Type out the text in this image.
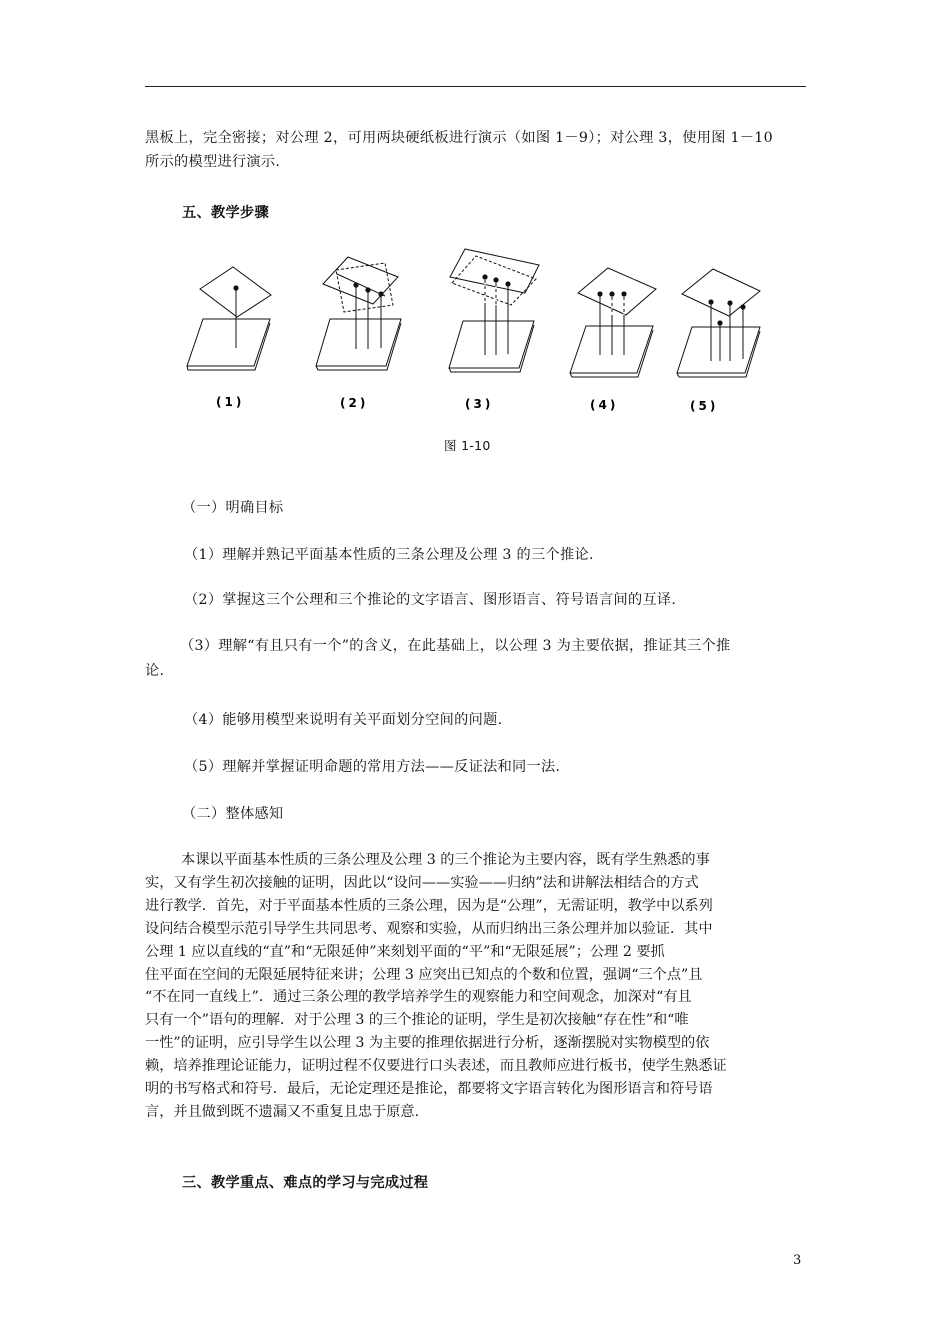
黑板上，完全密接；对公理 2，可用两块硬纸板进行演示（如图 1－9）；对公理 3，使用图 1－10
所示的模型进行演示.
五、教学步骤
(1)	(2)	(3)	(4)	(5)
图 1-10
（一）明确目标
（1）理解并熟记平面基本性质的三条公理及公理 3 的三个推论.
（2）掌握这三个公理和三个推论的文字语言、图形语言、符号语言间的互译.
（3）理解“有且只有一个”的含义，在此基础上，以公理 3 为主要依据，推证其三个推
论.
（4）能够用模型来说明有关平面划分空间的问题.
（5）理解并掌握证明命题的常用方法——反证法和同一法.
（二）整体感知
本课以平面基本性质的三条公理及公理 3 的三个推论为主要内容，既有学生熟悉的事
实，又有学生初次接触的证明，因此以“设问——实验——归纳”法和讲解法相结合的方式
进行教学．首先，对于平面基本性质的三条公理，因为是“公理”，无需证明，教学中以系列
设问结合模型示范引导学生共同思考、观察和实验，从而归纳出三条公理并加以验证．其中
公理 1 应以直线的“直”和“无限延伸”来刻划平面的“平”和“无限延展”；公理 2 要抓
住平面在空间的无限延展特征来讲；公理 3 应突出已知点的个数和位置，强调“三个点”且
“不在同一直线上”．通过三条公理的教学培养学生的观察能力和空间观念，加深对“有且
只有一个”语句的理解．对于公理 3 的三个推论的证明，学生是初次接触“存在性”和“唯
一性”的证明，应引导学生以公理 3 为主要的推理依据进行分析，逐渐摆脱对实物模型的依
赖，培养推理论证能力，证明过程不仅要进行口头表述，而且教师应进行板书，使学生熟悉证
明的书写格式和符号．最后，无论定理还是推论，都要将文字语言转化为图形语言和符号语
言，并且做到既不遗漏又不重复且忠于原意.
三、教学重点、难点的学习与完成过程
3
